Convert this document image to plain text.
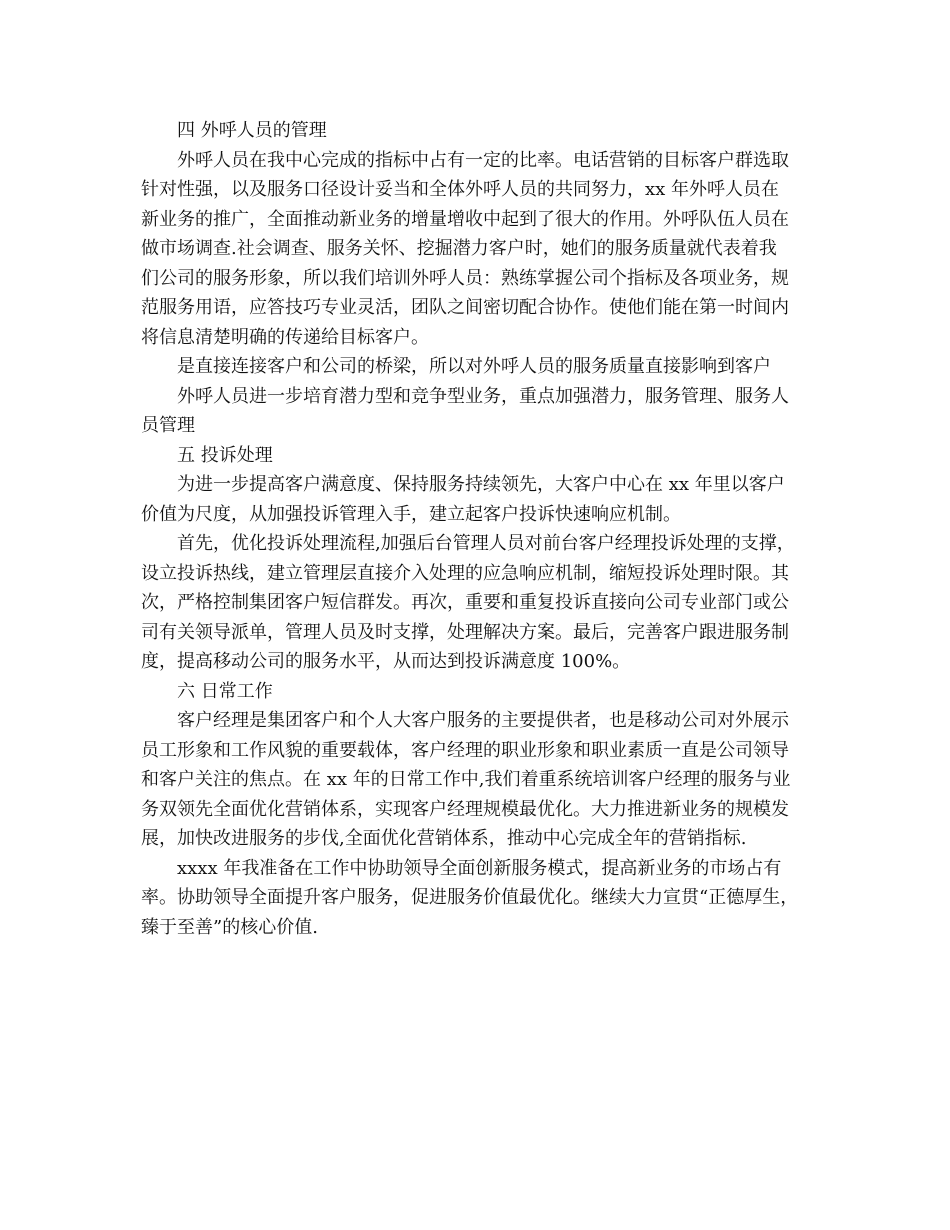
四 外呼人员的管理
外呼人员在我中心完成的指标中占有一定的比率。电话营销的目标客户群选取
针对性强，以及服务口径设计妥当和全体外呼人员的共同努力，xx 年外呼人员在
新业务的推广，全面推动新业务的增量增收中起到了很大的作用。外呼队伍人员在
做市场调查.社会调查、服务关怀、挖掘潜力客户时，她们的服务质量就代表着我
们公司的服务形象，所以我们培训外呼人员：熟练掌握公司个指标及各项业务，规
范服务用语，应答技巧专业灵活，团队之间密切配合协作。使他们能在第一时间内
将信息清楚明确的传递给目标客户。
是直接连接客户和公司的桥梁，所以对外呼人员的服务质量直接影响到客户
外呼人员进一步培育潜力型和竞争型业务，重点加强潜力，服务管理、服务人
员管理
五 投诉处理
为进一步提高客户满意度、保持服务持续领先，大客户中心在 xx 年里以客户
价值为尺度，从加强投诉管理入手，建立起客户投诉快速响应机制。
首先，优化投诉处理流程,加强后台管理人员对前台客户经理投诉处理的支撑，
设立投诉热线，建立管理层直接介入处理的应急响应机制，缩短投诉处理时限。其
次，严格控制集团客户短信群发。再次，重要和重复投诉直接向公司专业部门或公
司有关领导派单，管理人员及时支撑，处理解决方案。最后，完善客户跟进服务制
度，提高移动公司的服务水平，从而达到投诉满意度 100%。
六 日常工作
客户经理是集团客户和个人大客户服务的主要提供者，也是移动公司对外展示
员工形象和工作风貌的重要载体，客户经理的职业形象和职业素质一直是公司领导
和客户关注的焦点。在 xx 年的日常工作中,我们着重系统培训客户经理的服务与业
务双领先全面优化营销体系，实现客户经理规模最优化。大力推进新业务的规模发
展，加快改进服务的步伐,全面优化营销体系，推动中心完成全年的营销指标.
xxxx 年我准备在工作中协助领导全面创新服务模式，提高新业务的市场占有
率。协助领导全面提升客户服务，促进服务价值最优化。继续大力宣贯“正德厚生，
臻于至善”的核心价值.
